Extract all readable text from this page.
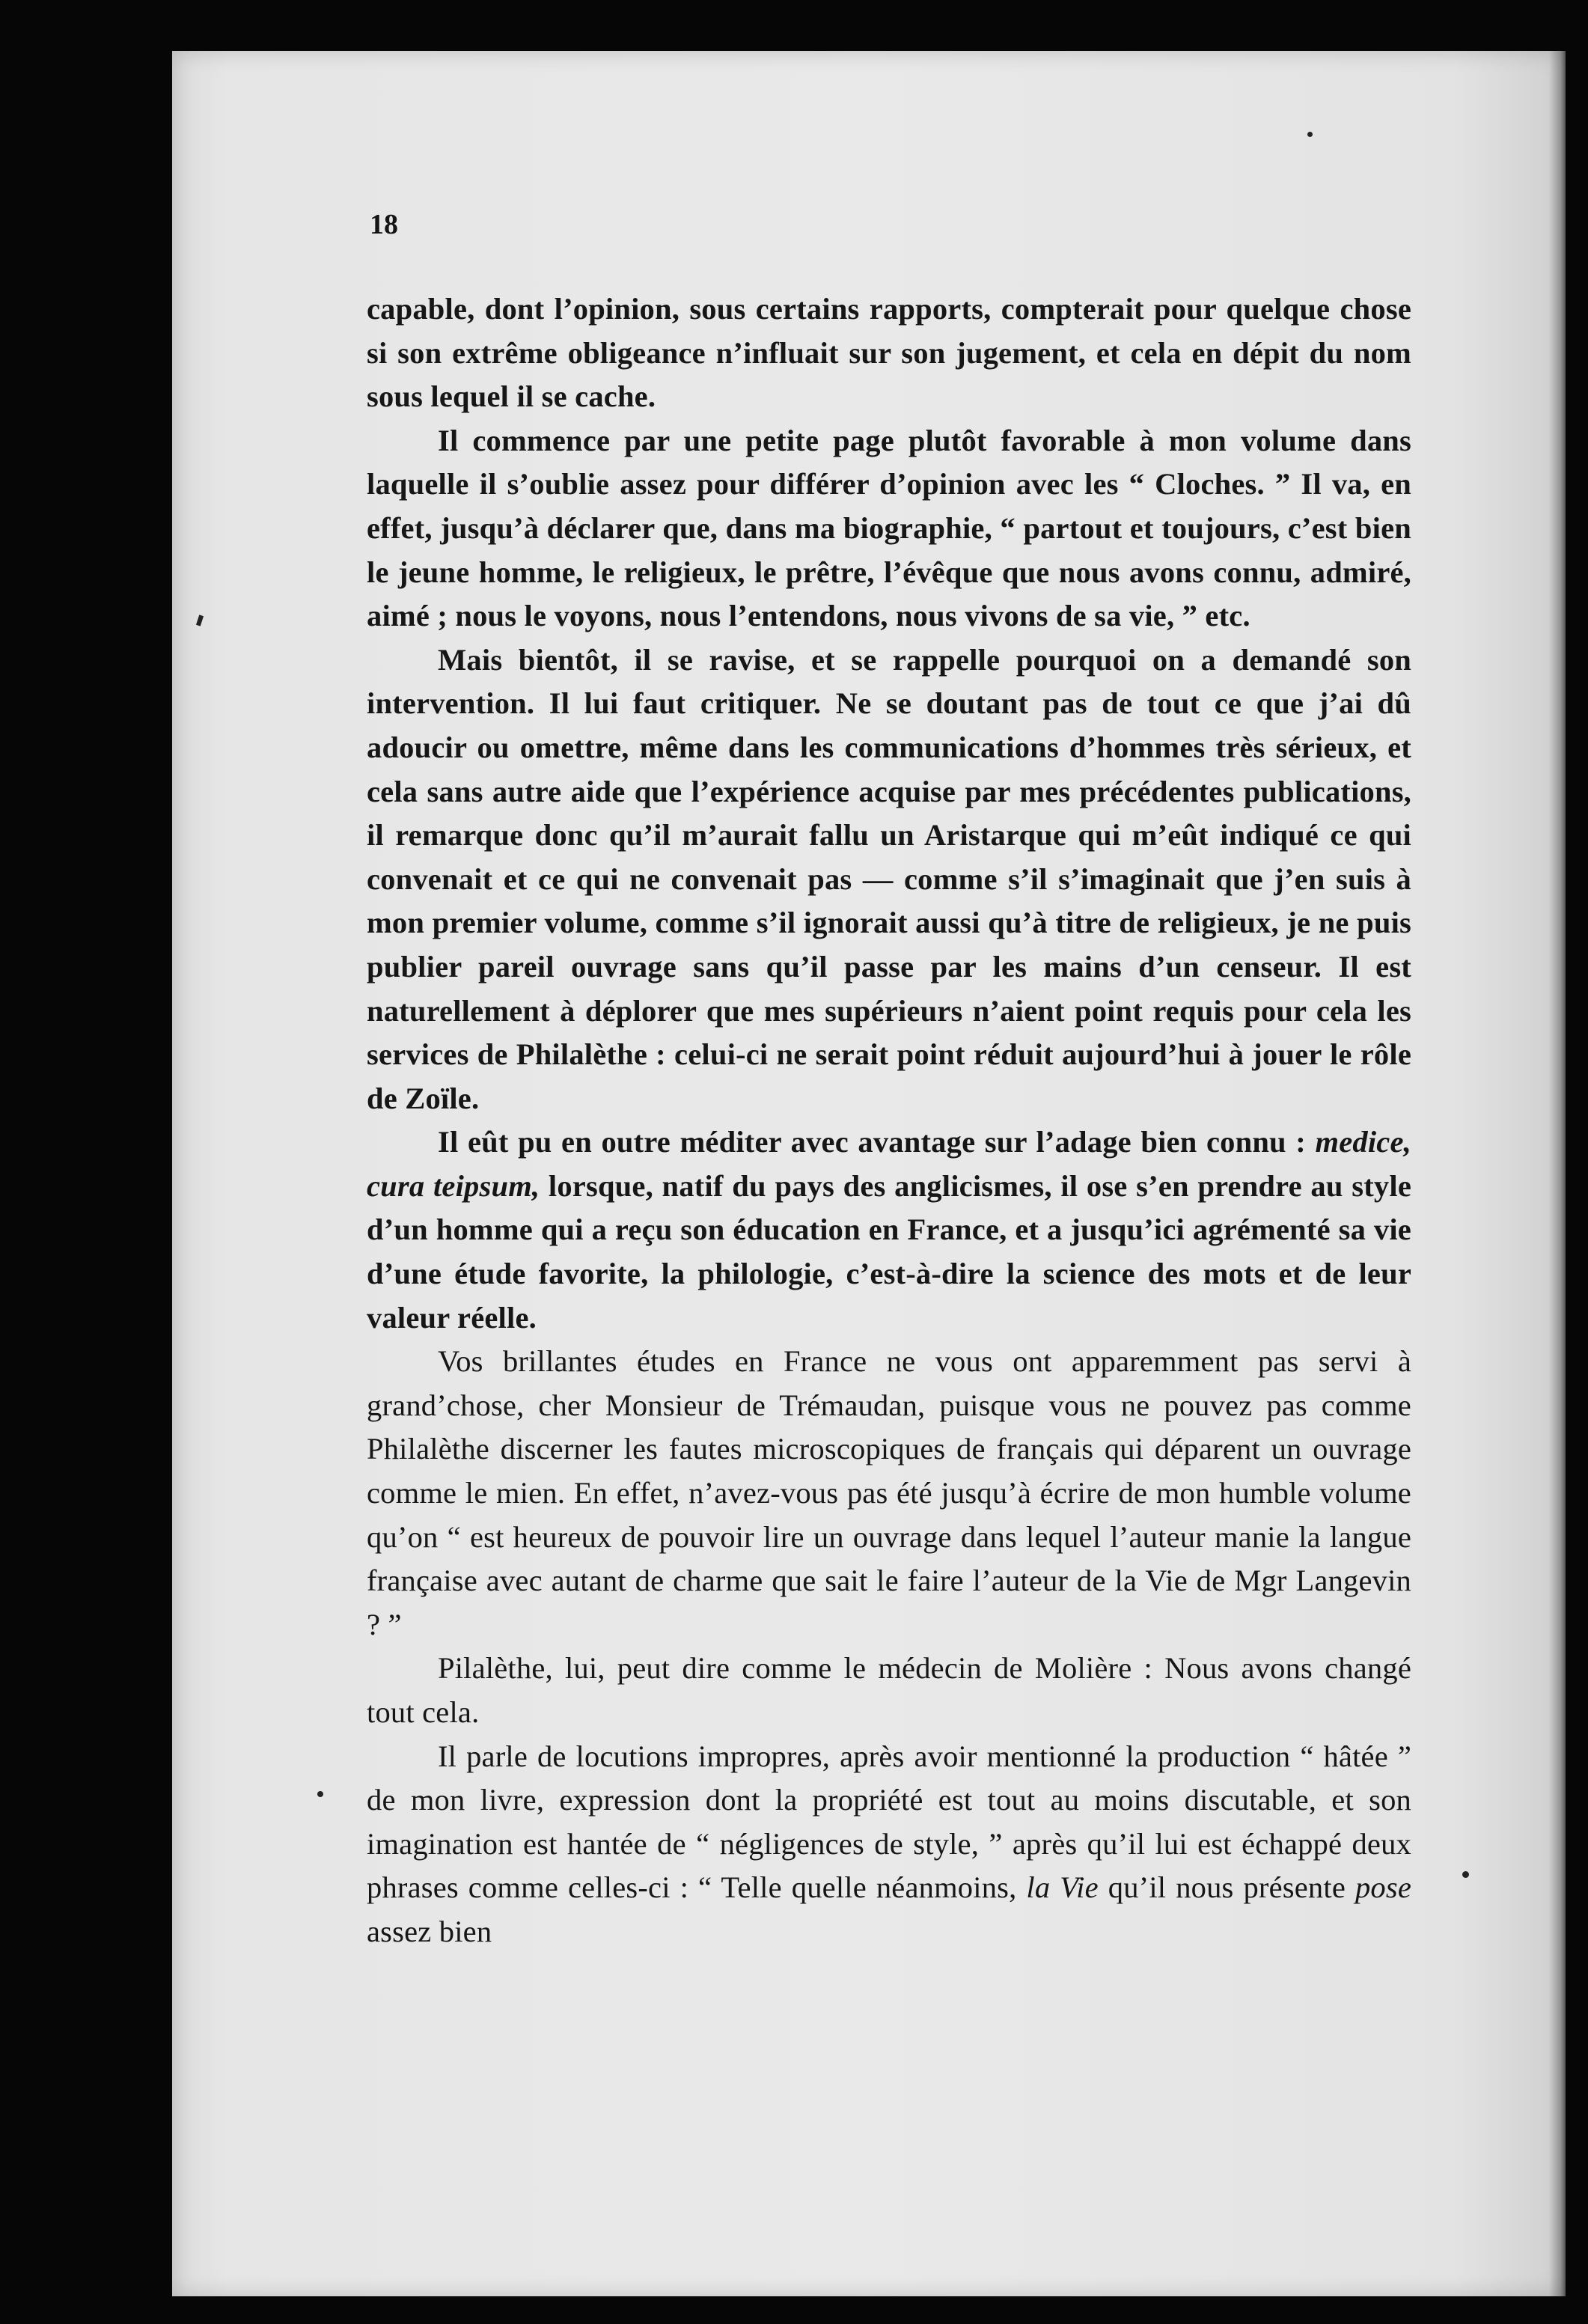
18

capable, dont l’opinion, sous certains rapports, compterait pour quelque chose si son extrême obligeance n’influait sur son jugement, et cela en dépit du nom sous lequel il se cache.

Il commence par une petite page plutôt favorable à mon volume dans laquelle il s’oublie assez pour différer d’opinion avec les “ Cloches. ” Il va, en effet, jusqu’à déclarer que, dans ma biographie, “ partout et toujours, c’est bien le jeune homme, le religieux, le prêtre, l’évêque que nous avons connu, admiré, aimé ; nous le voyons, nous l’entendons, nous vivons de sa vie, ” etc.

Mais bientôt, il se ravise, et se rappelle pourquoi on a demandé son intervention. Il lui faut critiquer. Ne se doutant pas de tout ce que j’ai dû adoucir ou omettre, même dans les communications d’hommes très sérieux, et cela sans autre aide que l’expérience acquise par mes précédentes publications, il remarque donc qu’il m’aurait fallu un Aristarque qui m’eût indiqué ce qui convenait et ce qui ne convenait pas — comme s’il s’imaginait que j’en suis à mon premier volume, comme s’il ignorait aussi qu’à titre de religieux, je ne puis publier pareil ouvrage sans qu’il passe par les mains d’un censeur. Il est naturellement à déplorer que mes supérieurs n’aient point requis pour cela les services de Philalèthe : celui-ci ne serait point réduit aujourd’hui à jouer le rôle de Zoïle.

Il eût pu en outre méditer avec avantage sur l’adage bien connu : medice, cura teipsum, lorsque, natif du pays des anglicismes, il ose s’en prendre au style d’un homme qui a reçu son éducation en France, et a jusqu’ici agrémenté sa vie d’une étude favorite, la philologie, c’est-à-dire la science des mots et de leur valeur réelle.

Vos brillantes études en France ne vous ont apparemment pas servi à grand’chose, cher Monsieur de Trémaudan, puisque vous ne pouvez pas comme Philalèthe discerner les fautes microscopiques de français qui déparent un ouvrage comme le mien. En effet, n’avez-vous pas été jusqu’à écrire de mon humble volume qu’on “ est heureux de pouvoir lire un ouvrage dans lequel l’auteur manie la langue française avec autant de charme que sait le faire l’auteur de la Vie de Mgr Langevin ? ”

Pilalèthe, lui, peut dire comme le médecin de Molière : Nous avons changé tout cela.

Il parle de locutions impropres, après avoir mentionné la production “ hâtée ” de mon livre, expression dont la propriété est tout au moins discutable, et son imagination est hantée de “ négligences de style, ” après qu’il lui est échappé deux phrases comme celles-ci : “ Telle quelle néanmoins, la Vie qu’il nous présente pose assez bien
